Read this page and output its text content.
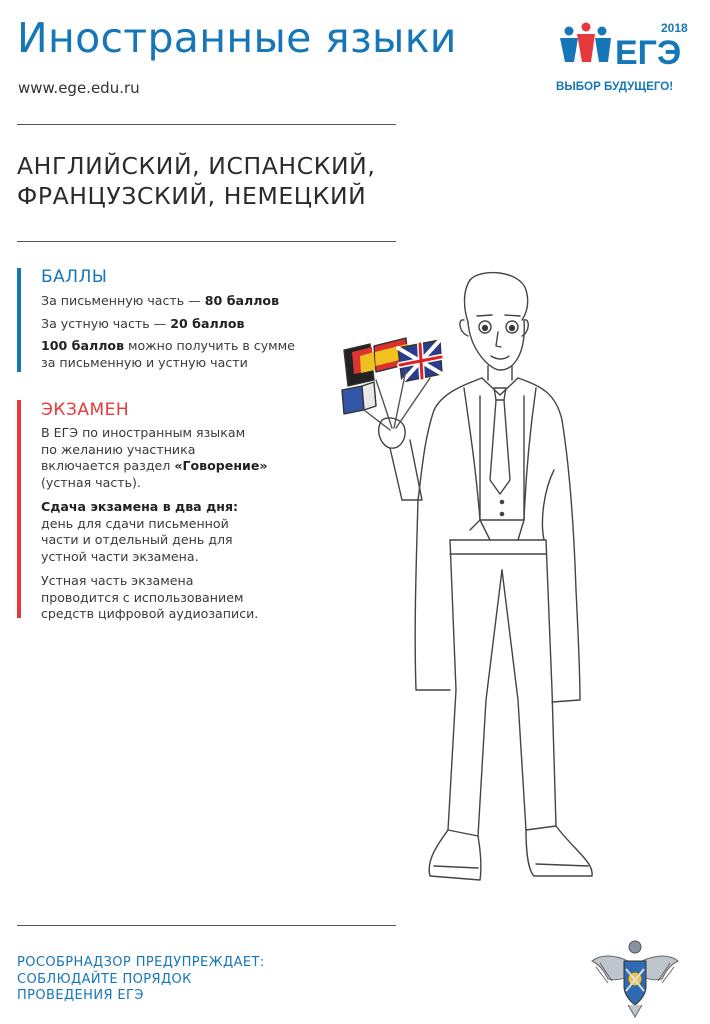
Иностранные языки
www.ege.edu.ru
2018
ЕГЭ
ВЫБОР БУДУЩЕГО!
АНГЛИЙСКИЙ, ИСПАНСКИЙ,
ФРАНЦУЗСКИЙ, НЕМЕЦКИЙ
БАЛЛЫ
За письменную часть — 80 баллов
За устную часть — 20 баллов
100 баллов можно получить в сумме
за письменную и устную части
ЭКЗАМЕН
В ЕГЭ по иностранным языкам
по желанию участника
включается раздел «Говорение»
(устная часть).
Сдача экзамена в два дня:
день для сдачи письменной
части и отдельный день для
устной части экзамена.
Устная часть экзамена
проводится с использованием
средств цифровой аудиозаписи.
РОСОБРНАДЗОР ПРЕДУПРЕЖДАЕТ:
СОБЛЮДАЙТЕ ПОРЯДОК
ПРОВЕДЕНИЯ ЕГЭ
